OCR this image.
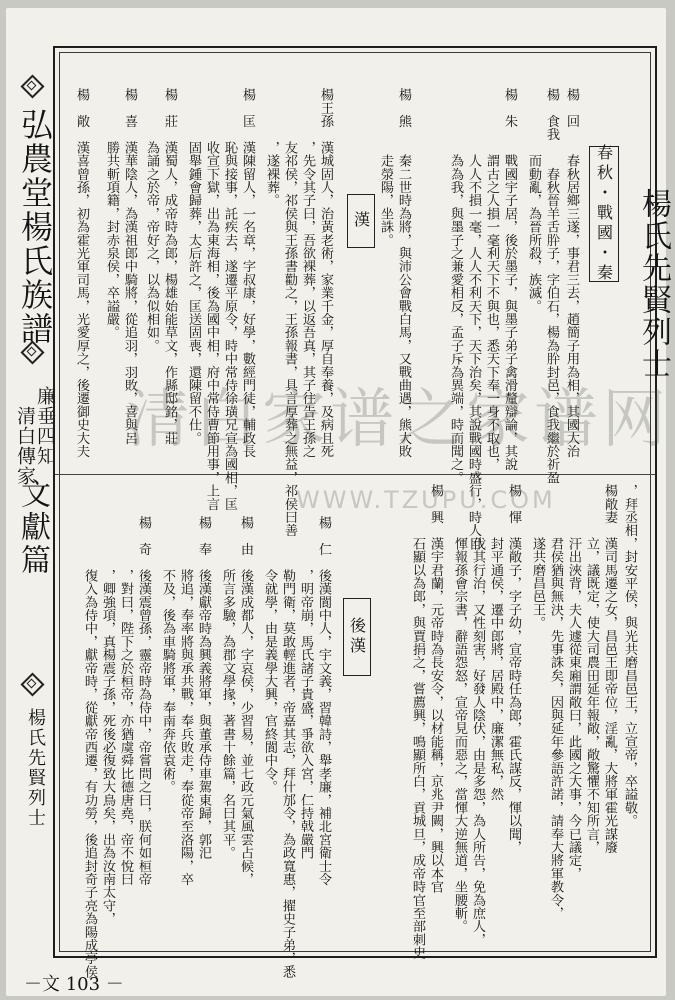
弘農堂楊氏族譜
廉垂四知
清白傳家
文獻篇
楊氏先賢列士
－文 103 －
楊氏先賢列士
春秋・戰國・秦
楊　回　　春秋居鄉三遂，事君三去，趙簡子用為相，其國大治
楊　食我　　春秋晉羊舌肸子，字伯石，楊為肸封邑，食我繼於祈盈
　　　　　而動亂，為晉所殺，族滅。
楊　朱　　戰國宇子居，後於墨子，與墨子弟子禽滑釐辯論，其說
　　　　　謂古之人損一毫利天下不與也，悉天下奉一身不取也，
　　　　　人人不損一毫，人人不利天下，天下治矣，其說戰國時盛行，時人目
　　　　　為為我，與墨子之兼愛相反，孟子斥為異端，時而聞之。
楊　熊　　秦二世時為將，與沛公會戰白馬，又戰曲遇，熊大敗
　　　　　走滎陽，坐誅。
漢
楊王孫　漢城固人，治黃老術，家業千金，厚自奉養，及病且死
　　　　，先令其子曰，吾欲裸葬，以返吾真，其子往告王孫之
　　　　友祁侯，祁侯與王孫書勸之，王孫報書，具言厚葬之無益，祁侯曰善
　　　　，遂裸葬。
楊　匡　漢陳留人，一名章，字叔康，好學，數經門徒，輔政長
　　　　恥與接事，託疾去，遂遷平原令，時中常侍徐璜兄宣為國相，匡
　　　　收宣下獄，出為東海相，後為國中相，府中常侍曹節用事，上言
　　　　固舉鍾會歸葬，太后許之，匡送固喪，還陳留不仕。
楊　莊　漢蜀人，成帝時為郎，楊雄始能草文，作縣邸銘，莊
　　　　為誦之於帝，帝好之，以為似相如。
楊　喜　漢華陰人，為漢祖郎中騎將，從追羽，羽敗，喜與呂
　　　　勝共斬項籍，封赤泉侯，卒謚嚴。
楊　敞　漢喜曾孫，初為霍光軍司馬，光愛厚之，後遷御史大夫
，拜丞相，封安平侯，與光共磨昌邑王，立宣帝，卒謚敬。
楊敞妻　漢司馬遷之女，昌邑王即帝位，淫亂，大將軍霍光謀廢
　　　　立，議既定，使大司農田延年報敞，敞驚懼不知所言，
　　　　汗出浹背，夫人遽從東廂謂敞曰，此國之大事，今已議定，
　　　　君侯猶與無決，先事誅矣，因與延年參語許諾，請奉大將軍教令，
　　　　遂共磨昌邑王。
楊　惲　漢敞子，字子幼，宣帝時任為郎，霍氏謀反，惲以聞，
　　　　封平通侯，遷中郎將，居殿中，廉潔無私，然
　　　　伐其行治，又性刻害，好發人陰伏，由是多怨，為人所告，免為庶人，
　　　　惲報孫會宗書，辭語怨怒，宣帝見而惡之，當惲大逆無道，坐腰斬。
楊　興　漢宇君蘭，元帝時為長安令，以材能稱，京兆尹闕，興以本官
　　　　石顯以為郎，與賈捐之，嘗薦興，鳴顯所白，貢城旦，成帝時官至部刺史
後漢
楊　仁　後漢閬中人，宇文義，習韓詩，舉孝廉，補北宮衛士令
　　　　，明帝崩，馬氏諸子貴盛，爭欲入宮，仁持戟嚴門
　　　　勒門衛，莫敢輕進者，帝嘉其志，拜什邡令，為政寬惠，擢史子弟，悉
　　　　令就學，由是義學大興，官終閬中令。
楊　由　後漢成都人，字哀侯，少習易，並七政元氣風雲占候，
　　　　所言多驗，為郡文學掾，著書十餘篇，名曰其平。
楊　奉　後漢獻帝時為興義將軍，與董承侍車駕東歸，郭汜
　　　　將追，奉率將與承共戰，奉兵敗走，奉從帝至洛陽，卒
　　　　不及，後為車騎將軍，奉南奔依袁術。
楊　奇　後漢震曾孫，靈帝時為侍中，帝嘗問之曰，朕何如桓帝
　　　　，對曰，陛下之於桓帝，亦猶虞舜比德唐堯，帝不悅曰
　　　　，卿強項，真楊震子孫，死後必復致大鳥矣，出為汝南太守，
　　　　復入為侍中，獻帝時，從獻帝西遷，有功勞，後追封奇子亮為陽成亭侯
清白家谱之家谱网
WWW.TZUPU.COM
